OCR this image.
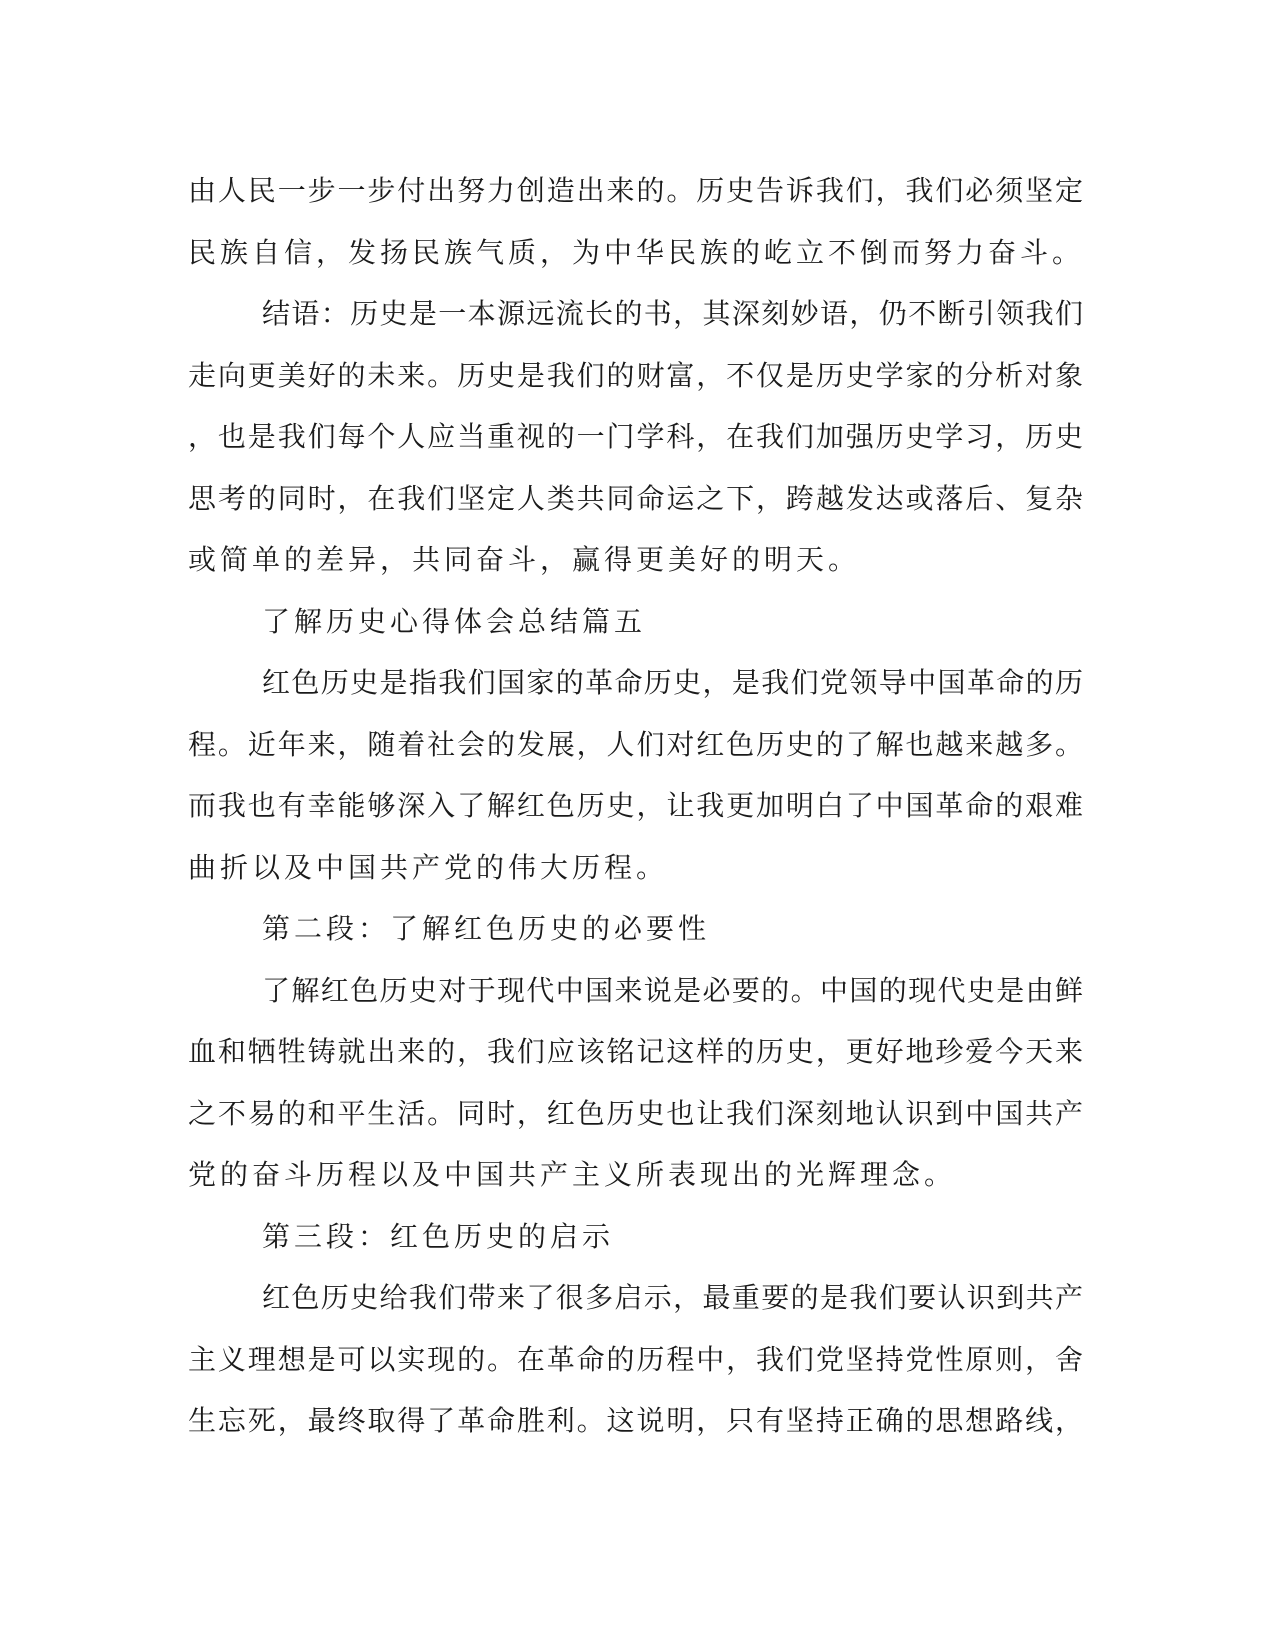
由人民一步一步付出努力创造出来的。历史告诉我们，我们必须坚定
民族自信，发扬民族气质，为中华民族的屹立不倒而努力奋斗。
结语：历史是一本源远流长的书，其深刻妙语，仍不断引领我们
走向更美好的未来。历史是我们的财富，不仅是历史学家的分析对象
，也是我们每个人应当重视的一门学科，在我们加强历史学习，历史
思考的同时，在我们坚定人类共同命运之下，跨越发达或落后、复杂
或简单的差异，共同奋斗，赢得更美好的明天。
了解历史心得体会总结篇五
红色历史是指我们国家的革命历史，是我们党领导中国革命的历
程。近年来，随着社会的发展，人们对红色历史的了解也越来越多。
而我也有幸能够深入了解红色历史，让我更加明白了中国革命的艰难
曲折以及中国共产党的伟大历程。
第二段：了解红色历史的必要性
了解红色历史对于现代中国来说是必要的。中国的现代史是由鲜
血和牺牲铸就出来的，我们应该铭记这样的历史，更好地珍爱今天来
之不易的和平生活。同时，红色历史也让我们深刻地认识到中国共产
党的奋斗历程以及中国共产主义所表现出的光辉理念。
第三段：红色历史的启示
红色历史给我们带来了很多启示，最重要的是我们要认识到共产
主义理想是可以实现的。在革命的历程中，我们党坚持党性原则，舍
生忘死，最终取得了革命胜利。这说明，只有坚持正确的思想路线，
